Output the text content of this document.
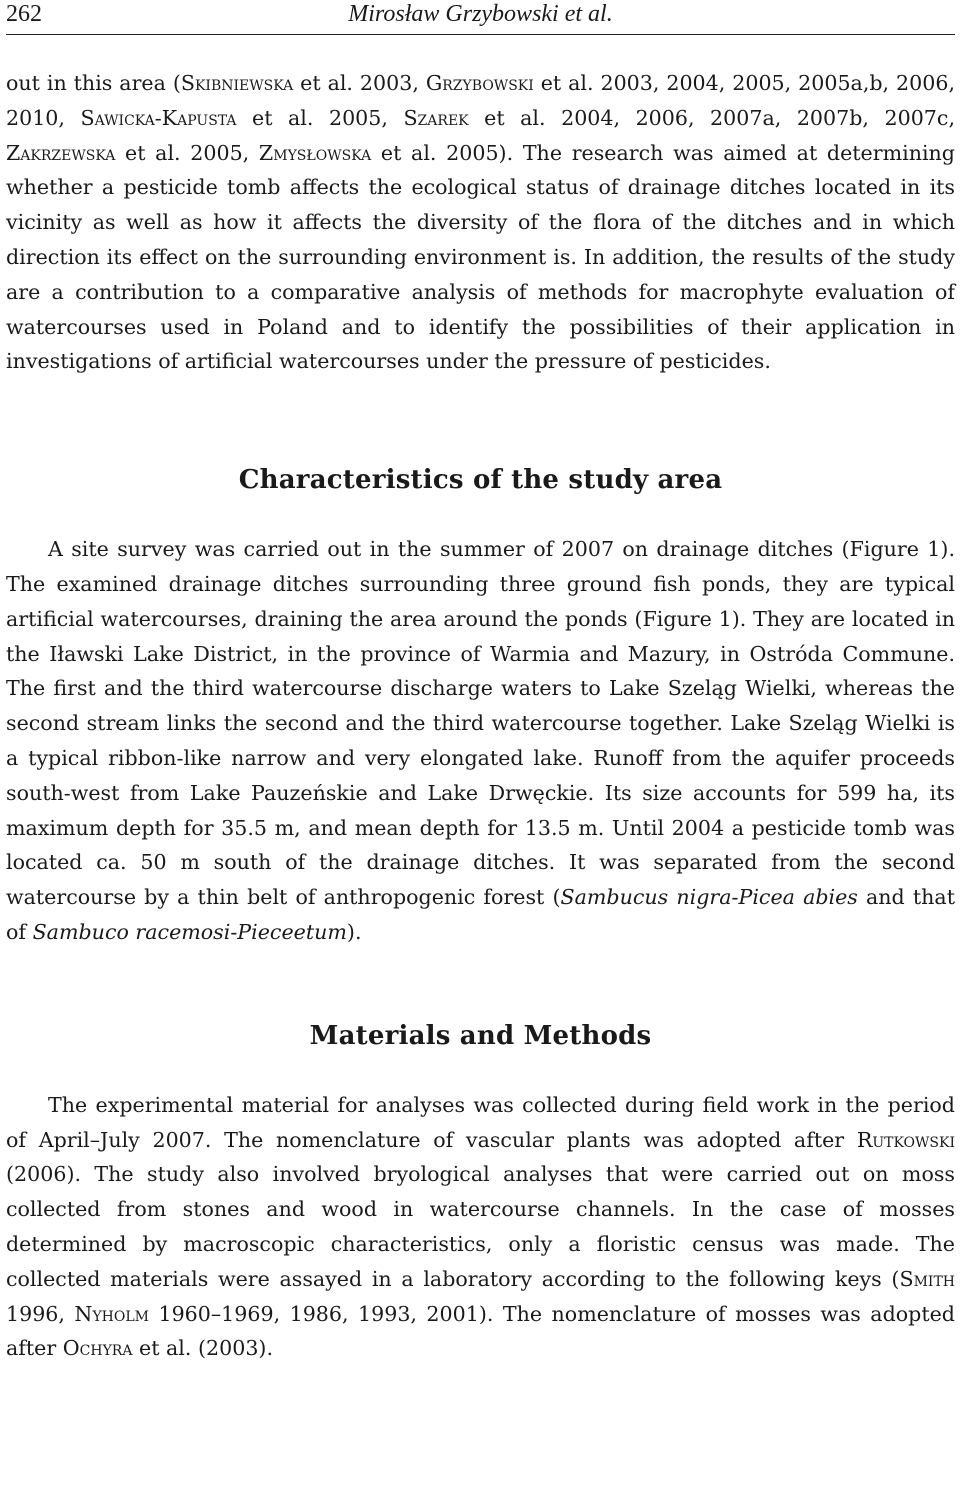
262	Mirosław Grzybowski et al.

out in this area (Skibniewska et al. 2003, Grzybowski et al. 2003, 2004, 2005, 2005a,b, 2006, 2010, Sawicka-Kapusta et al. 2005, Szarek et al. 2004, 2006, 2007a, 2007b, 2007c, Zakrzewska et al. 2005, Zmysłowska et al. 2005). The research was aimed at determining whether a pesticide tomb affects the ecological status of drainage ditches located in its vicinity as well as how it affects the diversity of the flora of the ditches and in which direction its effect on the surrounding environment is. In addition, the results of the study are a contribution to a comparative analysis of methods for macrophyte evaluation of watercourses used in Poland and to identify the possibilities of their application in investigations of artificial watercourses under the pressure of pesticides.

Characteristics of the study area

A site survey was carried out in the summer of 2007 on drainage ditches (Figure 1). The examined drainage ditches surrounding three ground fish ponds, they are typical artificial watercourses, draining the area around the ponds (Figure 1). They are located in the Iławski Lake District, in the province of Warmia and Mazury, in Ostróda Commune. The first and the third watercourse discharge waters to Lake Szeląg Wielki, whereas the second stream links the second and the third watercourse together. Lake Szeląg Wielki is a typical ribbon-like narrow and very elongated lake. Runoff from the aquifer proceeds south-west from Lake Pauzeńskie and Lake Drwęckie. Its size accounts for 599 ha, its maximum depth for 35.5 m, and mean depth for 13.5 m. Until 2004 a pesticide tomb was located ca. 50 m south of the drainage ditches. It was separated from the second watercourse by a thin belt of anthropogenic forest (Sambucus nigra-Picea abies and that of Sambuco racemosi-Pieceetum).

Materials and Methods

The experimental material for analyses was collected during field work in the period of April–July 2007. The nomenclature of vascular plants was adopted after Rutkowski (2006). The study also involved bryological analyses that were carried out on moss collected from stones and wood in watercourse channels. In the case of mosses determined by macroscopic characteristics, only a floristic census was made. The collected materials were assayed in a laboratory according to the following keys (Smith 1996, Nyholm 1960–1969, 1986, 1993, 2001). The nomenclature of mosses was adopted after Ochyra et al. (2003).
